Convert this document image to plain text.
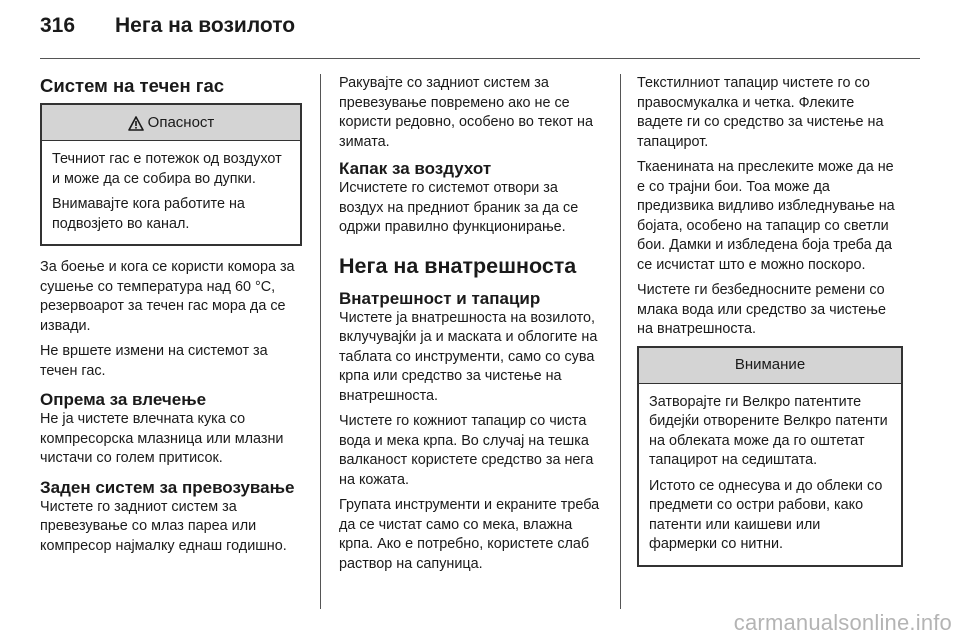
316	Нега на возилото
Систем на течен гас
Опасност

Течниот гас е потежок од воздухот и може да се собира во дупки.

Внимавајте кога работите на подвозјето во канал.

За боење и кога се користи комора за сушење со температура над 60 °C, резервоарот за течен гас мора да се извади.

Не вршете измени на системот за течен гас.

Опрема за влечење

Не ја чистете влечната кука со компресорска млазница или млазни чистачи со голем притисок.

Заден систем за превозување

Чистете го задниот систем за превезување со млаз пареа или компресор најмалку еднаш годишно.

Ракувајте со задниот систем за превезување повремено ако не се користи редовно, особено во текот на зимата.

Капак за воздухот

Исчистете го системот отвори за воздух на предниот браник за да се одржи правилно функционирање.

Нега на внатрешноста
Внатрешност и тапацир

Чистете ја внатрешноста на возилото, вклучувајќи ја и маската и облогите на таблата со инструменти, само со сува крпа или средство за чистење на внатрешноста.

Чистете го кожниот тапацир со чиста вода и мека крпа. Во случај на тешка валканост користете средство за нега на кожата.

Групата инструменти и екраните треба да се чистат само со мека, влажна крпа. Ако е потребно, користете слаб раствор на сапуница.

Текстилниот тапацир чистете го со правосмукалка и четка. Флеките вадете ги со средство за чистење на тапацирот.

Ткаенината на преслеките може да не е со трајни бои. Тоа може да предизвика видливо избледнување на бојата, особено на тапацир со светли бои. Дамки и избледена боја треба да се исчистат што е можно поскоро.

Чистете ги безбедносните ремени со млака вода или средство за чистење на внатрешноста.

Внимание

Затворајте ги Велкро патентите бидејќи отворените Велкро патенти на облеката може да го оштетат тапацирот на седиштата.

Истото се однесува и до облеки со предмети со остри рабови, како патенти или каишеви или фармерки со нитни.

carmanualsonline.info
